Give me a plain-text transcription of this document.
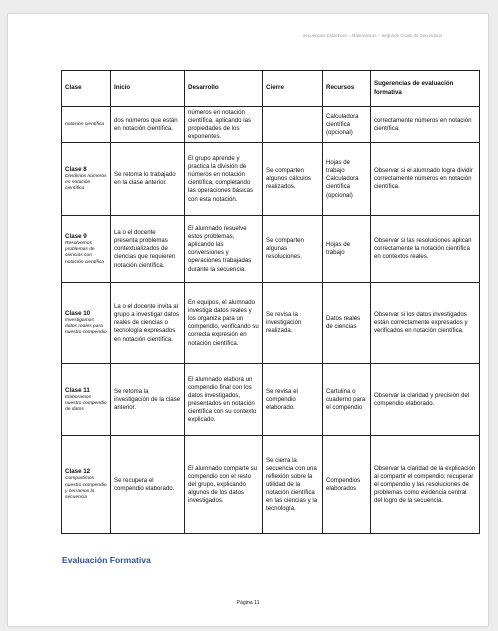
Secuencias Didácticas – Matemáticas – Segundo Grado de Secundaria
Clase	Inicio	Desarrollo	Cierre	Recursos	Sugerencias de evaluación formativa

notación científica	dos números que están en notación científica.	números en notación científica, aplicando las propiedades de los exponentes.		Calculadora científica (opcional)	correctamente números en notación científica.

Clase 8
Dividimos números en notación científica	Se retoma lo trabajado en la clase anterior.	El grupo aprende y practica la división de números en notación científica, completando las operaciones básicas con esta notación.	Se comparten algunos cálculos realizados.	Hojas de trabajo Calculadora científica (opcional)	Observar si el alumnado logra dividir correctamente números en notación científica.

Clase 9
Resolvemos problemas de ciencias con notación científica	La o el docente presenta problemas contextualizados de ciencias que requieren notación científica.	El alumnado resuelve estos problemas, aplicando las conversiones y operaciones trabajadas durante la secuencia.	Se comparten algunas resoluciones.	Hojas de trabajo	Observar si las resoluciones aplican correctamente la notación científica en contextos reales.

Clase 10
Investigamos datos reales para nuestro compendio	La o el docente invita al grupo a investigar datos reales de ciencias o tecnología expresados en notación científica.	En equipos, el alumnado investiga datos reales y los organiza para un compendio, verificando su correcta expresión en notación científica.	Se revisa la investigación realizada.	Datos reales de ciencias	Observar si los datos investigados están correctamente expresados y verificados en notación científica.

Clase 11
Elaboramos nuestro compendio de datos	Se retoma la investigación de la clase anterior.	El alumnado elabora un compendio final con los datos investigados, presentados en notación científica con su contexto explicado.	Se revisa el compendio elaborado.	Cartulina o cuaderno para el compendio	Observar la claridad y precisión del compendio elaborado.

Clase 12
Compartimos nuestro compendio y cerramos la secuencia	Se recupera el compendio elaborado.	El alumnado comparte su compendio con el resto del grupo, explicando algunos de los datos investigados.	Se cierra la secuencia con una reflexión sobre la utilidad de la notación científica en las ciencias y la tecnología.	Compendios elaborados	Observar la claridad de la explicación al compartir el compendio; recuperar el compendio y las resoluciones de problemas como evidencia central del logro de la secuencia.
Evaluación Formativa
Página 11
